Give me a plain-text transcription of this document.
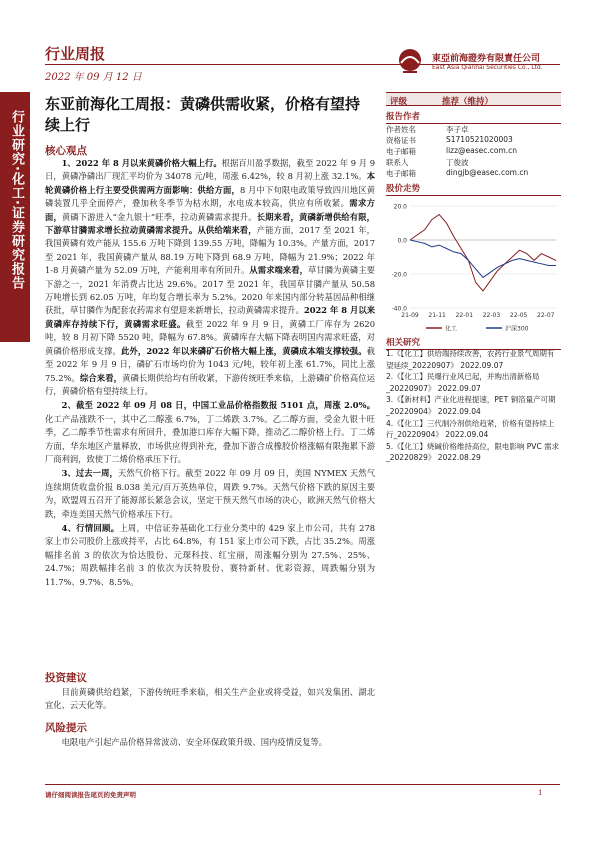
行业研究·化工·证券研究报告
行业周报
2022 年 09 月 12 日
東亞前海證券有限責任公司
East Asia Qianhai Securities Co., Ltd.
东亚前海化工周报：黄磷供需收紧，价格有望持续上行
核心观点

1、2022 年 8 月以来黄磷价格大幅上行。根据百川盈孚数据，截至 2022 年 9 月 9 日，黄磷净磷出厂现汇平均价为 34078 元/吨，周涨 6.42%，较 8 月初上涨 32.1%。本轮黄磷价格上行主要受供需两方面影响：供给方面，8 月中下旬限电政策导致四川地区黄磷装置几乎全面停产，叠加秋冬季节为枯水期，水电成本较高，供应有所收紧。需求方面，黄磷下游进入“金九银十”旺季，拉动黄磷需求提升。长期来看，黄磷新增供给有限，下游草甘膦需求增长拉动黄磷需求提升。从供给端来看，产能方面，2017 至 2021 年，我国黄磷有效产能从 155.6 万吨下降到 139.55 万吨，降幅为 10.3%。产量方面，2017 至 2021 年，我国黄磷产量从 88.19 万吨下降到 68.9 万吨，降幅为 21.9%；2022 年 1-8 月黄磷产量为 52.09 万吨，产能利用率有所回升。从需求端来看，草甘膦为黄磷主要下游之一，2021 年消费占比达 29.6%。2017 至 2021 年，我国草甘膦产量从 50.58 万吨增长到 62.05 万吨，年均复合增长率为 5.2%。2020 年来国内部分转基因品种相继获批，草甘膦作为配套农药需求有望迎来新增长，拉动黄磷需求提升。2022 年 8 月以来黄磷库存持续下行，黄磷需求旺盛。截至 2022 年 9 月 9 日，黄磷工厂库存为 2620 吨，较 8 月初下降 5520 吨，降幅为 67.8%。黄磷库存大幅下降表明国内需求旺盛，对黄磷价格形成支撑。此外，2022 年以来磷矿石价格大幅上涨，黄磷成本端支撑较强。截至 2022 年 9 月 9 日，磷矿石市场均价为 1043 元/吨，较年初上涨 61.7%，同比上涨 75.2%。综合来看，黄磷长期供给均有所收紧，下游传统旺季来临，上游磷矿价格高位运行，黄磷价格有望持续上行。

2、截至 2022 年 09 月 08 日，中国工业品价格指数报 5101 点，周涨 2.0%。化工产品涨跌不一，其中乙二醇涨 6.7%，丁二烯跌 3.7%。乙二醇方面，受金九银十旺季，乙二醇季节性需求有所回升，叠加港口库存大幅下降，推动乙二醇价格上行。丁二烯方面，华东地区产量释放，市场供应得到补充，叠加下游合成橡胶价格涨幅有限拖累下游厂商利润，致使丁二烯价格承压下行。

3、过去一周，天然气价格下行。截至 2022 年 09 月 09 日，美国 NYMEX 天然气连续期货收盘价报 8.038 美元/百万英热单位，周跌 9.7%。天然气价格下跌的原因主要为，欧盟周五召开了能源部长紧急会议，坚定干预天然气市场的决心，欧洲天然气价格大跌，牵连美国天然气价格承压下行。

4、行情回顾。上周，中信证券基础化工行业分类中的 429 家上市公司，共有 278 家上市公司股价上涨或持平，占比 64.8%，有 151 家上市公司下跌，占比 35.2%。周涨幅排名前 3 的依次为恰达股份、元琛科技、红宝丽，周涨幅分别为 27.5%、25%、24.7%；周跌幅排名前 3 的依次为沃特股份、赛特新材、优彩资源，周跌幅分别为 11.7%、9.7%、8.5%。

投资建议

目前黄磷供给趋紧，下游传统旺季来临，相关生产企业或将受益，如兴发集团、湖北宜化、云天化等。

风险提示

电限电产引起产品价格异常波动、安全环保政策升级、国内疫情反复等。

评级	推荐（维持）
报告作者
作者姓名	李子卓
资格证书	S1710521020003
电子邮箱	lizz@easec.com.cn
联系人	丁俊波
电子邮箱	dingjb@easec.com.cn
股价走势
20.0
0.0
-20.0
-40.0
21-09 21-11 22-01 22-03 22-05 22-07
化工	沪深300
相关研究
1.《【化工】供给端持续改善，农药行业景气周期有望延续_20220907》 2022.09.07
2.《【化工】民爆行业风已起，并购出清新格局_20220907》 2022.09.07
3.《【新材料】产业化进程提速，PET 铜箔量产可期 _20220904》 2022.09.04
4.《【化工】三代制冷剂供给趋紧，价格有望持续上行_20220904》 2022.09.04
5.《【化工】烧碱价格维持高位，限电影响 PVC 需求_20220829》 2022.08.29
请仔细阅读报告尾页的免责声明	1
